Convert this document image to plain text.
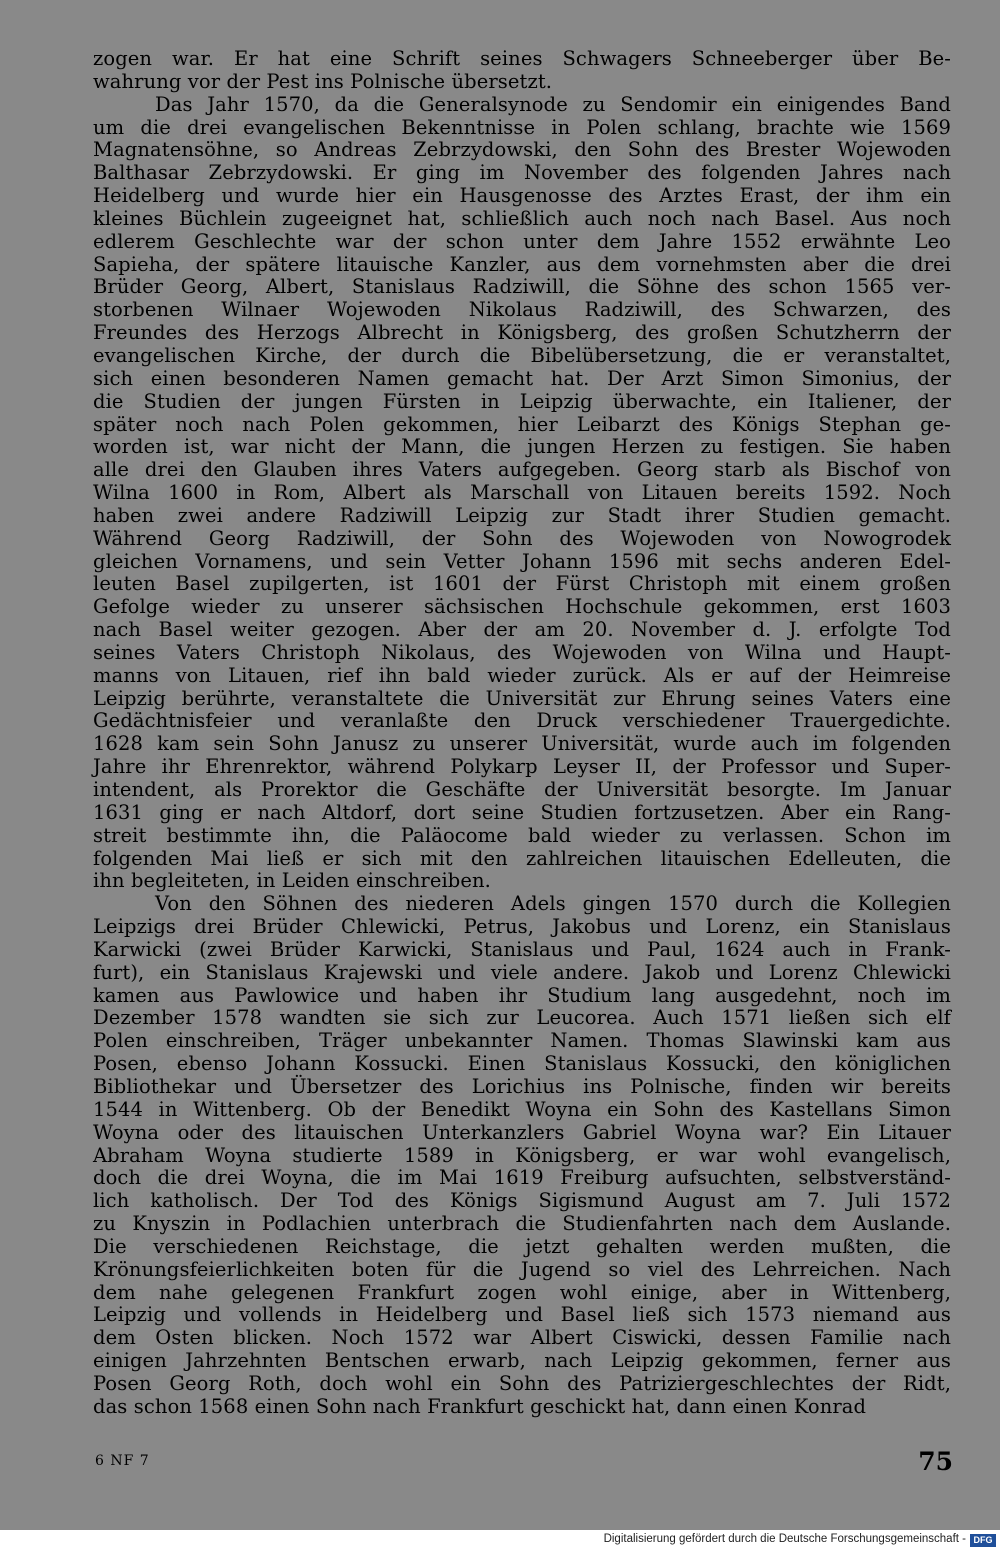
zogen war. Er hat eine Schrift seines Schwagers Schneeberger über Be-
wahrung vor der Pest ins Polnische übersetzt.
Das Jahr 1570, da die Generalsynode zu Sendomir ein einigendes Band
um die drei evangelischen Bekenntnisse in Polen schlang, brachte wie 1569
Magnatensöhne, so Andreas Zebrzydowski, den Sohn des Brester Wojewoden
Balthasar Zebrzydowski. Er ging im November des folgenden Jahres nach
Heidelberg und wurde hier ein Hausgenosse des Arztes Erast, der ihm ein
kleines Büchlein zugeeignet hat, schließlich auch noch nach Basel. Aus noch
edlerem Geschlechte war der schon unter dem Jahre 1552 erwähnte Leo
Sapieha, der spätere litauische Kanzler, aus dem vornehmsten aber die drei
Brüder Georg, Albert, Stanislaus Radziwill, die Söhne des schon 1565 ver-
storbenen Wilnaer Wojewoden Nikolaus Radziwill, des Schwarzen, des
Freundes des Herzogs Albrecht in Königsberg, des großen Schutzherrn der
evangelischen Kirche, der durch die Bibelübersetzung, die er veranstaltet,
sich einen besonderen Namen gemacht hat. Der Arzt Simon Simonius, der
die Studien der jungen Fürsten in Leipzig überwachte, ein Italiener, der
später noch nach Polen gekommen, hier Leibarzt des Königs Stephan ge-
worden ist, war nicht der Mann, die jungen Herzen zu festigen. Sie haben
alle drei den Glauben ihres Vaters aufgegeben. Georg starb als Bischof von
Wilna 1600 in Rom, Albert als Marschall von Litauen bereits 1592. Noch
haben zwei andere Radziwill Leipzig zur Stadt ihrer Studien gemacht.
Während Georg Radziwill, der Sohn des Wojewoden von Nowogrodek
gleichen Vornamens, und sein Vetter Johann 1596 mit sechs anderen Edel-
leuten Basel zupilgerten, ist 1601 der Fürst Christoph mit einem großen
Gefolge wieder zu unserer sächsischen Hochschule gekommen, erst 1603
nach Basel weiter gezogen. Aber der am 20. November d. J. erfolgte Tod
seines Vaters Christoph Nikolaus, des Wojewoden von Wilna und Haupt-
manns von Litauen, rief ihn bald wieder zurück. Als er auf der Heimreise
Leipzig berührte, veranstaltete die Universität zur Ehrung seines Vaters eine
Gedächtnisfeier und veranlaßte den Druck verschiedener Trauergedichte.
1628 kam sein Sohn Janusz zu unserer Universität, wurde auch im folgenden
Jahre ihr Ehrenrektor, während Polykarp Leyser II, der Professor und Super-
intendent, als Prorektor die Geschäfte der Universität besorgte. Im Januar
1631 ging er nach Altdorf, dort seine Studien fortzusetzen. Aber ein Rang-
streit bestimmte ihn, die Paläocome bald wieder zu verlassen. Schon im
folgenden Mai ließ er sich mit den zahlreichen litauischen Edelleuten, die
ihn begleiteten, in Leiden einschreiben.
Von den Söhnen des niederen Adels gingen 1570 durch die Kollegien
Leipzigs drei Brüder Chlewicki, Petrus, Jakobus und Lorenz, ein Stanislaus
Karwicki (zwei Brüder Karwicki, Stanislaus und Paul, 1624 auch in Frank-
furt), ein Stanislaus Krajewski und viele andere. Jakob und Lorenz Chlewicki
kamen aus Pawlowice und haben ihr Studium lang ausgedehnt, noch im
Dezember 1578 wandten sie sich zur Leucorea. Auch 1571 ließen sich elf
Polen einschreiben, Träger unbekannter Namen. Thomas Slawinski kam aus
Posen, ebenso Johann Kossucki. Einen Stanislaus Kossucki, den königlichen
Bibliothekar und Übersetzer des Lorichius ins Polnische, finden wir bereits
1544 in Wittenberg. Ob der Benedikt Woyna ein Sohn des Kastellans Simon
Woyna oder des litauischen Unterkanzlers Gabriel Woyna war? Ein Litauer
Abraham Woyna studierte 1589 in Königsberg, er war wohl evangelisch,
doch die drei Woyna, die im Mai 1619 Freiburg aufsuchten, selbstverständ-
lich katholisch. Der Tod des Königs Sigismund August am 7. Juli 1572
zu Knyszin in Podlachien unterbrach die Studienfahrten nach dem Auslande.
Die verschiedenen Reichstage, die jetzt gehalten werden mußten, die
Krönungsfeierlichkeiten boten für die Jugend so viel des Lehrreichen. Nach
dem nahe gelegenen Frankfurt zogen wohl einige, aber in Wittenberg,
Leipzig und vollends in Heidelberg und Basel ließ sich 1573 niemand aus
dem Osten blicken. Noch 1572 war Albert Ciswicki, dessen Familie nach
einigen Jahrzehnten Bentschen erwarb, nach Leipzig gekommen, ferner aus
Posen Georg Roth, doch wohl ein Sohn des Patriziergeschlechtes der Ridt,
das schon 1568 einen Sohn nach Frankfurt geschickt hat, dann einen Konrad
6 NF 7	75
Digitalisierung gefördert durch die Deutsche Forschungsgemeinschaft - DFG
